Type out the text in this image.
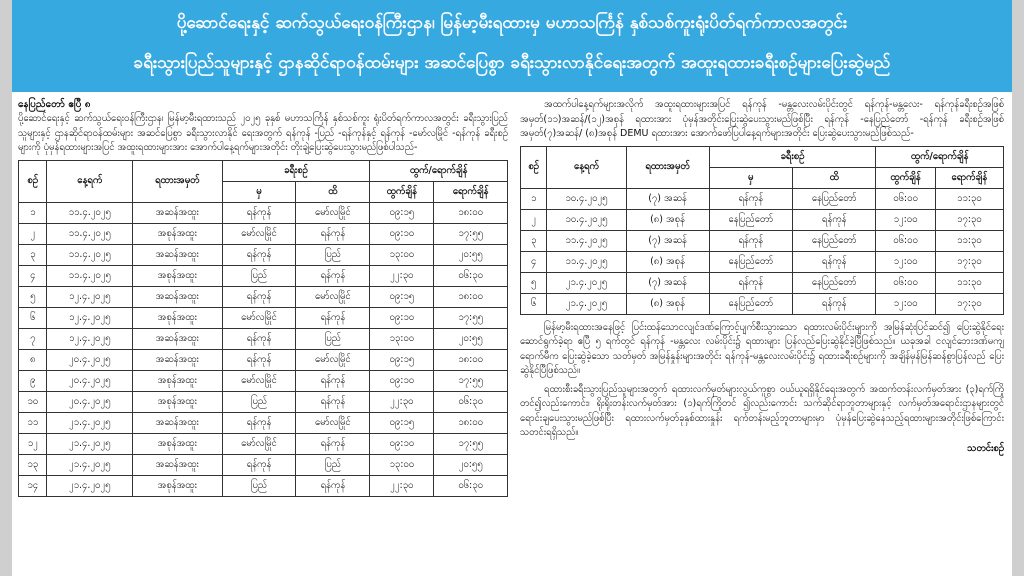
ပို့ဆောင်ရေးနှင့် ဆက်သွယ်ရေးဝန်ကြီးဌာန၊ မြန်မာ့မီးရထားမှ မဟာသင်္ကြန် နှစ်သစ်ကူးရုံးပိတ်ရက်ကာလအတွင်း
ခရီးသွားပြည်သူများနှင့် ဌာနဆိုင်ရာဝန်ထမ်းများ အဆင်ပြေစွာ ခရီးသွားလာနိုင်ရေးအတွက် အထူးရထားခရီးစဉ်များပြေးဆွဲမည်
နေပြည်တော် ဧပြီ ၈
ပို့ဆောင်ရေးနှင့် ဆက်သွယ်ရေးဝန်ကြီးဌာန၊ မြန်မာ့မီးရထားသည် ၂၀၂၅ ခုနှစ် မဟာသင်္ကြန် နှစ်သစ်ကူး ရုံးပိတ်ရက်ကာလအတွင်း ခရီးသွားပြည်သူများနှင့် ဌာနဆိုင်ရာဝန်ထမ်းများ အဆင်ပြေစွာ ခရီးသွားလာနိုင် ရေးအတွက် ရန်ကုန် -ပြည် -ရန်ကုန်နှင့် ရန်ကုန် -မော်လမြိုင် -ရန်ကုန် ခရီးစဉ်များကို ပုံမှန်ရထားများအပြင် အထူးရထားများအား အောက်ပါနေ့ရက်များအတိုင်း တိုးချဲ့ပြေးဆွဲပေးသွားမည်ဖြစ်ပါသည်-
စဉ်	နေ့ရက်	ရထားအမှတ်	ခရီးစဉ်		ထွက်/ရောက်ချိန်	
			မှ	ထိ	ထွက်ချိန်	ရောက်ချိန်
၁	၁၁.၄.၂၀၂၅	အဆန်အထူး	ရန်ကုန်	မော်လမြိုင်	၀၉:၁၅	၁၈:၀၀
၂	၁၁.၄.၂၀၂၅	အစုန်အထူး	မော်လမြိုင်	ရန်ကုန်	၀၉:၁၀	၁၇:၅၅
၃	၁၁.၄.၂၀၂၅	အဆန်အထူး	ရန်ကုန်	ပြည်	၁၃:၀၀	၂၀:၅၅
၄	၁၁.၄.၂၀၂၅	အစုန်အထူး	ပြည်	ရန်ကုန်	၂၂:၃၀	၀၆:၃၀
၅	၁၂.၄.၂၀၂၅	အဆန်အထူး	ရန်ကုန်	မော်လမြိုင်	၀၉:၁၅	၁၈:၀၀
၆	၁၂.၄.၂၀၂၅	အစုန်အထူး	မော်လမြိုင်	ရန်ကုန်	၀၉:၁၀	၁၇:၅၅
၇	၁၂.၄.၂၀၂၅	အဆန်အထူး	ရန်ကုန်	ပြည်	၁၃:၀၀	၂၀:၅၅
၈	၂၀.၄.၂၀၂၅	အဆန်အထူး	ရန်ကုန်	မော်လမြိုင်	၀၉:၁၅	၁၈:၀၀
၉	၂၀.၄.၂၀၂၅	အစုန်အထူး	မော်လမြိုင်	ရန်ကုန်	၀၉:၁၀	၁၇:၅၅
၁၀	၂၀.၄.၂၀၂၅	အစုန်အထူး	ပြည်	ရန်ကုန်	၂၂:၃၀	၀၆:၃၀
၁၁	၂၁.၄.၂၀၂၅	အဆန်အထူး	ရန်ကုန်	မော်လမြိုင်	၀၉:၁၅	၁၈:၀၀
၁၂	၂၁.၄.၂၀၂၅	အစုန်အထူး	မော်လမြိုင်	ရန်ကုန်	၀၉:၁၀	၁၇:၅၅
၁၃	၂၁.၄.၂၀၂၅	အဆန်အထူး	ရန်ကုန်	ပြည်	၁၃:၀၀	၂၀:၅၅
၁၄	၂၁.၄.၂၀၂၅	အစုန်အထူး	ပြည်	ရန်ကုန်	၂၂:၃၀	၀၆:၃၀
အထက်ပါနေ့ရက်များအလိုက် အထူးရထားများအပြင် ရန်ကုန် -မန္တလေးလမ်းပိုင်းတွင် ရန်ကုန်-မန္တလေး- ရန်ကုန်ခရီးစဉ်အဖြစ် အမှတ်(၁၁)အဆန်/(၁၂)အစုန် ရထားအား ပုံမှန်အတိုင်းပြေးဆွဲပေးသွားမည်ဖြစ်ပြီး ရန်ကုန် -နေပြည်တော် -ရန်ကုန် ခရီးစဉ်အဖြစ် အမှတ်(၇)အဆန်/ (၈)အစုန် DEMU ရထားအား အောက်ဖော်ပြပါနေ့ရက်များအတိုင်း ပြေးဆွဲပေးသွားမည်ဖြစ်သည်-
စဉ်	နေ့ရက်	ရထားအမှတ်	ခရီးစဉ်		ထွက်/ရောက်ချိန်	
			မှ	ထိ	ထွက်ချိန်	ရောက်ချိန်
၁	၁၀.၄.၂၀၂၅	(၇) အဆန်	ရန်ကုန်	နေပြည်တော်	၀၆:၀၀	၁၁:၃၀
၂	၁၀.၄.၂၀၂၅	(၈) အစုန်	နေပြည်တော်	ရန်ကုန်	၁၂:၀၀	၁၇:၃၀
၃	၁၁.၄.၂၀၂၅	(၇) အဆန်	ရန်ကုန်	နေပြည်တော်	၀၆:၀၀	၁၁:၃၀
၄	၁၁.၄.၂၀၂၅	(၈) အစုန်	နေပြည်တော်	ရန်ကုန်	၁၂:၀၀	၁၇:၃၀
၅	၂၁.၄.၂၀၂၅	(၇) အဆန်	ရန်ကုန်	နေပြည်တော်	၀၆:၀၀	၁၁:၃၀
၆	၂၁.၄.၂၀၂၅	(၈) အစုန်	နေပြည်တော်	ရန်ကုန်	၁၂:၀၀	၁၇:၃၀
မြန်မာ့မီးရထားအနေဖြင့် ပြင်းထန်သောငလျင်ဒဏ်ကြောင့်ပျက်စီးသွားသော ရထားလမ်းပိုင်းများကို အမြန်ဆုံးပြင်ဆင်၍ ပြေးဆွဲနိုင်ရေးဆောင်ရွက်ခဲ့ရာ ဧပြီ ၅ ရက်တွင် ရန်ကုန် -မန္တလေး လမ်းပိုင်း၌ ရထားများ ပြန်လည်ပြေးဆွဲနိုင်ခဲ့ပြီဖြစ်သည်။ ယခုအခါ ငလျင်ဘေးဒဏ်မကျရောက်မီက ပြေးဆွဲခဲ့သော သတ်မှတ် အမြန်နှုန်းများအတိုင်း ရန်ကုန်-မန္တလေးလမ်းပိုင်း၌ ရထားခရီးစဉ်များကို အချိန်မှန်မြန်ဆန်စွာပြန်လည် ပြေးဆွဲနိုင်ပြီဖြစ်သည်။
ရထားစီးခရီးသွားပြည်သူများအတွက် ရထားလက်မှတ်များလွယ်ကူစွာ ဝယ်ယူရရှိနိုင်ရေးအတွက် အထက်တန်းလက်မှတ်အား (၃)ရက်ကြိုတင်၍လည်းကောင်း၊ ရိုးရိုးတန်းလက်မှတ်အား (၁)ရက်ကြိုတင် ၍လည်းကောင်း သက်ဆိုင်ရာဘူတာများနှင့် လက်မှတ်အရောင်းဌာနများတွင် ရောင်းချပေးသွားမည်ဖြစ်ပြီး ရထားလက်မှတ်ခုနှစ်ထားနှုန်း ရက်တန်းမည့်ဘူတာများမှာ ပုံမှန်ပြေးဆွဲနေသည့်ရထားများအတိုင်းဖြစ်ကြောင်း သတင်းရရှိသည်။
သတင်းစဉ်
